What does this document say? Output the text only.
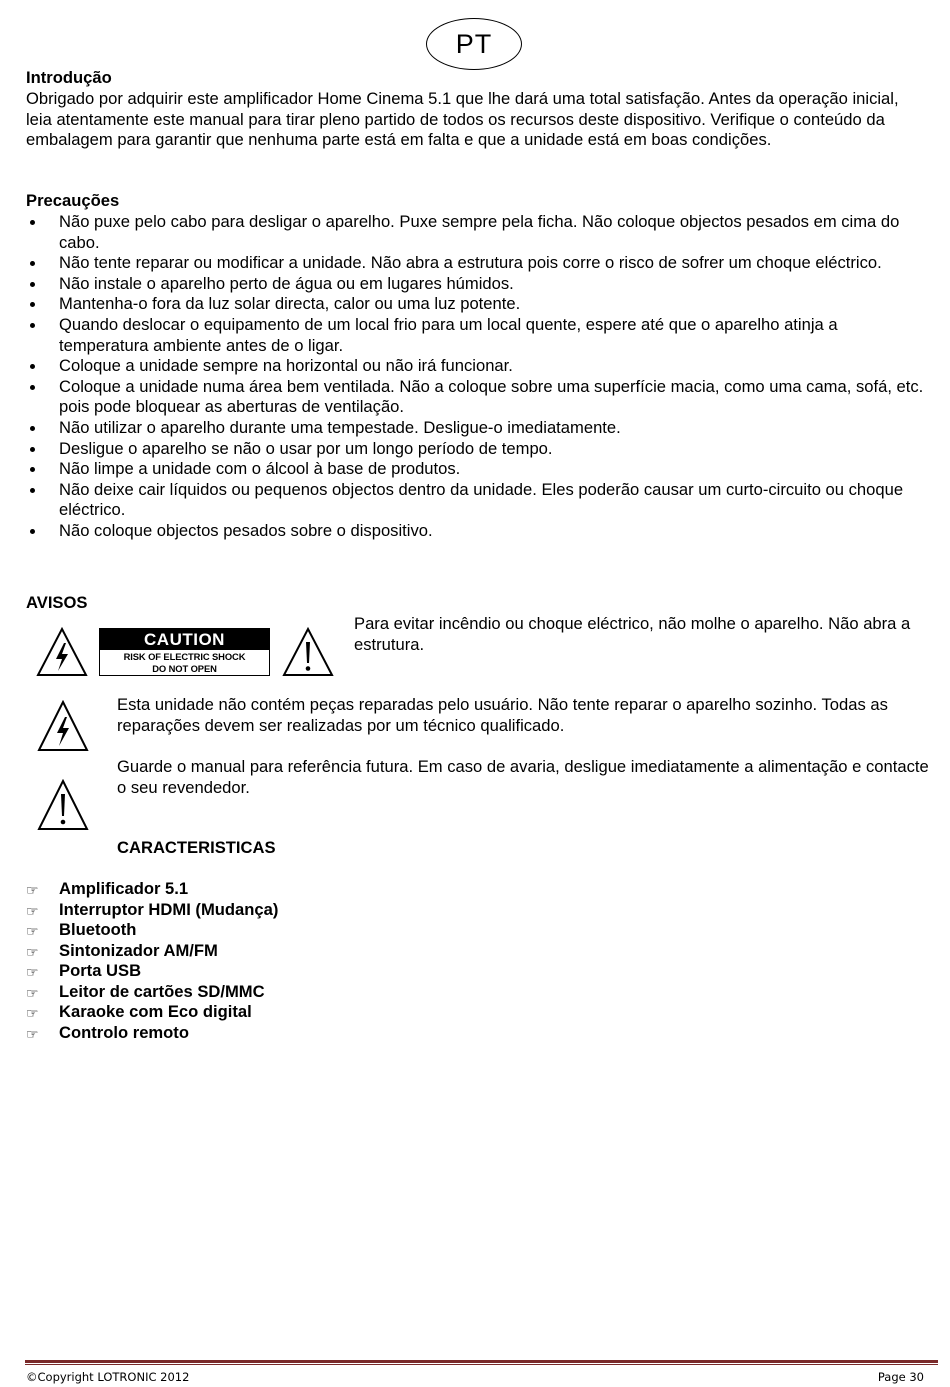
PT
Introdução
Obrigado por adquirir este amplificador Home Cinema 5.1 que lhe dará uma total satisfação. Antes da operação inicial, leia atentamente este manual para tirar pleno partido de todos os recursos deste dispositivo. Verifique o conteúdo da embalagem para garantir que nenhuma parte está em falta e que a unidade está em boas condições.
Precauções
Não puxe pelo cabo para desligar o aparelho. Puxe sempre pela ficha. Não coloque objectos pesados em cima do cabo.
Não tente reparar ou modificar a unidade. Não abra a estrutura pois corre o risco de sofrer um choque eléctrico.
Não instale o aparelho perto de água ou em lugares húmidos.
Mantenha-o fora da luz solar directa, calor ou uma luz potente.
Quando deslocar o equipamento de um local frio para um local quente, espere até que o aparelho atinja a temperatura ambiente antes de o ligar.
Coloque a unidade sempre na horizontal ou não irá funcionar.
Coloque a unidade numa área bem ventilada. Não a coloque sobre uma superfície macia, como uma cama, sofá, etc. pois pode bloquear as aberturas de ventilação.
Não utilizar o aparelho durante uma tempestade. Desligue-o imediatamente.
Desligue o aparelho se não o usar por um longo período de tempo.
Não limpe a unidade com o álcool à base de produtos.
Não deixe cair líquidos ou pequenos objectos dentro da unidade. Eles poderão causar um curto-circuito ou choque eléctrico.
Não coloque objectos pesados sobre o dispositivo.
AVISOS
CAUTION
RISK OF ELECTRIC SHOCK
DO NOT OPEN
Para evitar incêndio ou choque eléctrico, não molhe o aparelho. Não abra a estrutura.
Esta unidade não contém peças reparadas pelo usuário. Não tente reparar o aparelho sozinho. Todas as reparações devem ser realizadas por um técnico qualificado.
Guarde o manual para referência futura. Em caso de avaria, desligue imediatamente a alimentação e contacte o seu revendedor.
CARACTERISTICAS
☞ Amplificador 5.1
☞ Interruptor HDMI (Mudança)
☞ Bluetooth
☞ Sintonizador AM/FM
☞ Porta USB
☞ Leitor de cartões SD/MMC
☞ Karaoke com Eco digital
☞ Controlo remoto
©Copyright LOTRONIC 2012	Page 30
